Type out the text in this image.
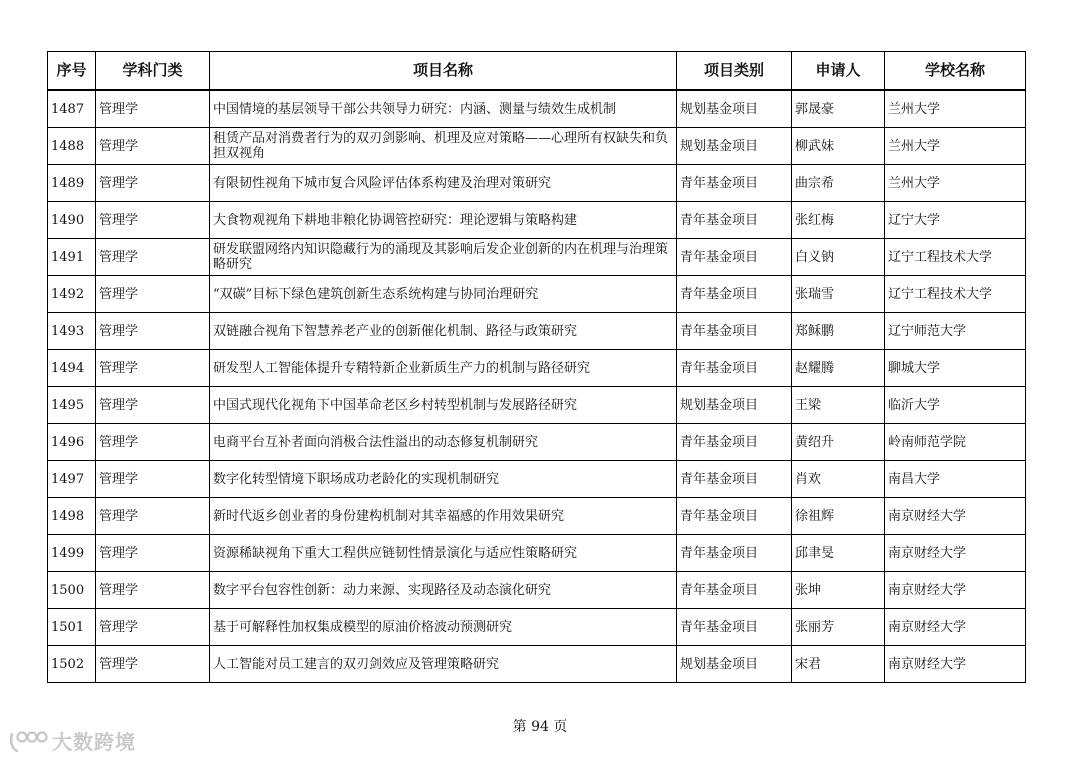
序号	学科门类	项目名称	项目类别	申请人	学校名称
1487	管理学	中国情境的基层领导干部公共领导力研究：内涵、测量与绩效生成机制	规划基金项目	郭晟豪	兰州大学
1488	管理学	租赁产品对消费者行为的双刃剑影响、机理及应对策略——心理所有权缺失和负担双视角	规划基金项目	柳武妹	兰州大学
1489	管理学	有限韧性视角下城市复合风险评估体系构建及治理对策研究	青年基金项目	曲宗希	兰州大学
1490	管理学	大食物观视角下耕地非粮化协调管控研究：理论逻辑与策略构建	青年基金项目	张红梅	辽宁大学
1491	管理学	研发联盟网络内知识隐藏行为的涌现及其影响后发企业创新的内在机理与治理策略研究	青年基金项目	白义钠	辽宁工程技术大学
1492	管理学	“双碳”目标下绿色建筑创新生态系统构建与协同治理研究	青年基金项目	张瑞雪	辽宁工程技术大学
1493	管理学	双链融合视角下智慧养老产业的创新催化机制、路径与政策研究	青年基金项目	郑稣鹏	辽宁师范大学
1494	管理学	研发型人工智能体提升专精特新企业新质生产力的机制与路径研究	青年基金项目	赵耀腾	聊城大学
1495	管理学	中国式现代化视角下中国革命老区乡村转型机制与发展路径研究	规划基金项目	王梁	临沂大学
1496	管理学	电商平台互补者面向消极合法性溢出的动态修复机制研究	青年基金项目	黄绍升	岭南师范学院
1497	管理学	数字化转型情境下职场成功老龄化的实现机制研究	青年基金项目	肖欢	南昌大学
1498	管理学	新时代返乡创业者的身份建构机制对其幸福感的作用效果研究	青年基金项目	徐祖辉	南京财经大学
1499	管理学	资源稀缺视角下重大工程供应链韧性情景演化与适应性策略研究	青年基金项目	邱聿旻	南京财经大学
1500	管理学	数字平台包容性创新：动力来源、实现路径及动态演化研究	青年基金项目	张坤	南京财经大学
1501	管理学	基于可解释性加权集成模型的原油价格波动预测研究	青年基金项目	张丽芳	南京财经大学
1502	管理学	人工智能对员工建言的双刃剑效应及管理策略研究	规划基金项目	宋君	南京财经大学
第 94 页
大数跨境
